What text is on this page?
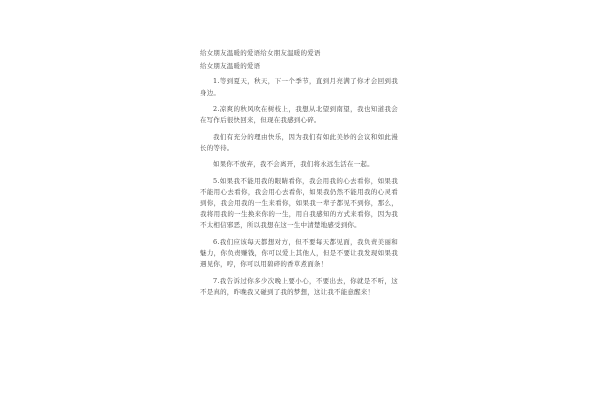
给女朋友温暖的爱语给女朋友温暖的爱语

给女朋友温暖的爱语

1.等到夏天，秋天，下一个季节，直到月亮满了你才会回到我身边。

2.凉爽的秋风吹在树枝上，我想从北望到南望，我也知道我会在写作后很快回来，但现在我感到心碎。

我们有充分的理由快乐，因为我们有如此美妙的会议和如此漫长的等待。

如果你不放弃，我不会离开，我们将永远生活在一起。

5.如果我不能用我的眼睛看你，我会用我的心去看你，如果我不能用心去看你，我会用心去看你，如果我仍然不能用我的心灵看到你，我会用我的一生来看你，如果我一辈子都见不到你，那么，我将用我的一生换来你的一生，用自我感知的方式来看你，因为我不太相信邪恶，所以我想在这一生中清楚地感受到你。

6.我们应该每天都想对方，但不要每天都见面，我负责美丽和魅力，你负责赚钱，你可以爱上其他人，但是不要让我发现如果我遇见你，哼，你可以用碧碎的香草煮面条！

7.我告诉过你多少次晚上要小心，不要出去，你就是不听，这不是真的，昨晚我又碰到了我的梦想，这让我不能意醒来！
